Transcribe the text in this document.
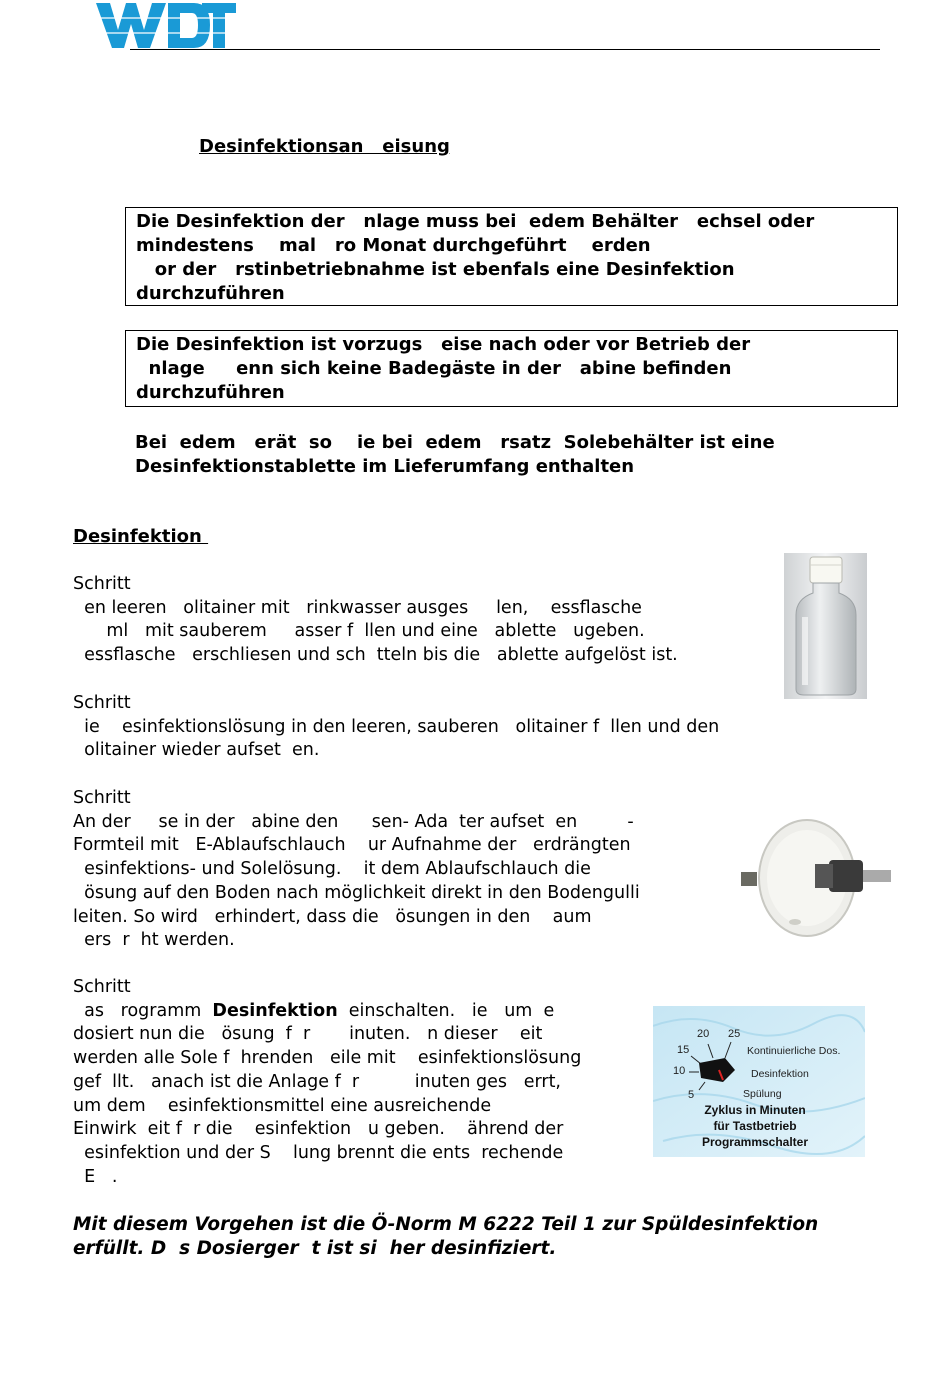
Desinfektionsan   eisung

Die Desinfektion der   nlage muss bei  edem Behälter   echsel oder

mindestens    mal   ro Monat durchgeführt    erden

or der   rstinbetriebnahme ist ebenfals eine Desinfektion

durchzuführen

Die Desinfektion ist vorzugs   eise nach oder vor Betrieb der

nlage     enn sich keine Badegäste in der   abine befinden

durchzuführen

Bei  edem   erät  so    ie bei  edem   rsatz  Solebehälter ist eine

Desinfektionstablette im Lieferumfang enthalten

Desinfektion

Schritt

en leeren   olitainer mit   rinkwasser ausges     len,    essflasche

ml   mit sauberem     asser f  llen und eine   ablette   ugeben.

essflasche   erschliesen und sch  tteln bis die   ablette aufgelöst ist.

Schritt

ie    esinfektionslösung in den leeren, sauberen   olitainer f  llen und den

olitainer wieder aufset  en.

Schritt

An der     se in der   abine den      sen- Ada  ter aufset  en         -

Formteil mit   E-Ablaufschlauch    ur Aufnahme der   erdrängten

esinfektions- und Solelösung.    it dem Ablaufschlauch die

ösung auf den Boden nach möglichkeit direkt in den Bodengulli

leiten. So wird   erhindert, dass die   ösungen in den    aum

ers  r  ht werden.

Schritt

as   rogramm  Desinfektion  einschalten.   ie   um  e

dosiert nun die   ösung  f  r       inuten.   n dieser    eit

werden alle Sole f  hrenden   eile mit    esinfektionslösung

gef  llt.   anach ist die Anlage f  r          inuten ges   errt,

um dem    esinfektionsmittel eine ausreichende

Einwirk  eit f  r die    esinfektion   u geben.    ährend der

esinfektion und der S    lung brennt die ents  rechende

E   .

20 25
15
10
5
Kontinuierliche Dos.
Desinfektion
Spülung
Zyklus in Minuten
für Tastbetrieb
Programmschalter

Mit diesem Vorgehen ist die Ö-Norm M 6222 Teil 1 zur Spüldesinfektion

erfüllt. D  s Dosierger  t ist si  her desinfiziert.
